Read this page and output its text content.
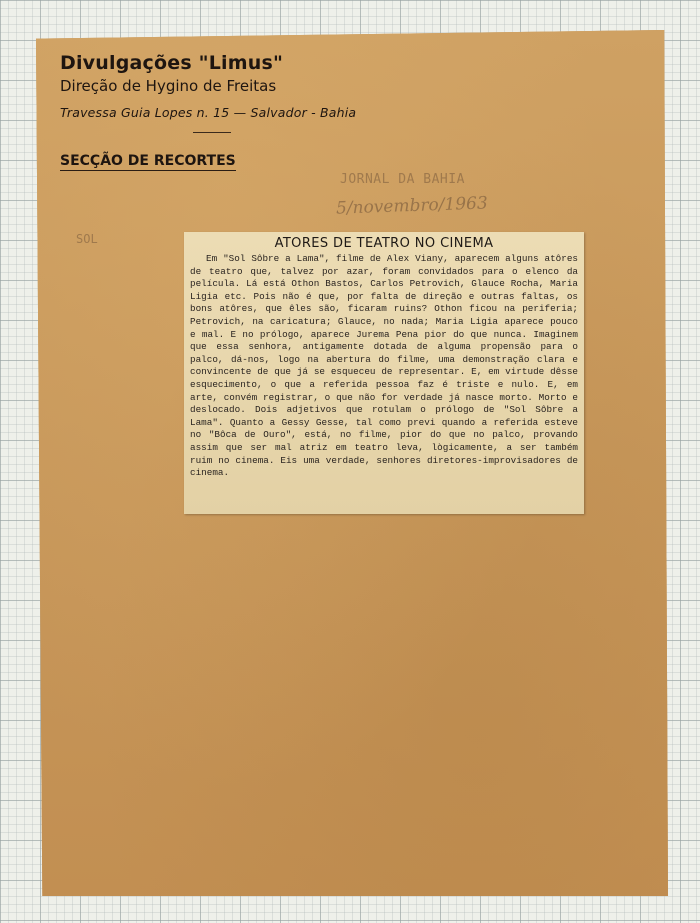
Divulgações "Limus"
Direção de Hygino de Freitas
Travessa Guia Lopes n. 15 — Salvador - Bahia
SECÇÃO DE RECORTES
JORNAL DA BAHIA
5/novembro/1963
SOL	ATORES DE TEATRO NO CINEMA

Em "Sol Sôbre a Lama", filme de Alex Viany, aparecem alguns atôres de teatro que, talvez por azar, foram convidados para o elenco da película. Lá está Othon Bastos, Carlos Petrovich, Glauce Rocha, Maria Ligia etc. Pois não é que, por falta de direção e outras faltas, os bons atôres, que êles são, ficaram ruins? Othon ficou na periferia; Petrovich, na caricatura; Glauce, no nada; Maria Ligia aparece pouco e mal. E no prólogo, aparece Jurema Pena pior do que nunca. Imaginem que essa senhora, antigamente dotada de alguma propensão para o palco, dá-nos, logo na abertura do filme, uma demonstração clara e convincente de que já se esqueceu de representar. E, em virtude dêsse esquecimento, o que a referida pessoa faz é triste e nulo. E, em arte, convém registrar, o que não for verdade já nasce morto. Morto e deslocado. Dois adjetivos que rotulam o prólogo de "Sol Sôbre a Lama". Quanto a Gessy Gesse, tal como previ quando a referida esteve no "Bôca de Ouro", está, no filme, pior do que no palco, provando assim que ser mal atriz em teatro leva, lògicamente, a ser também ruim no cinema. Eis uma verdade, senhores diretores-improvisadores de cinema.
